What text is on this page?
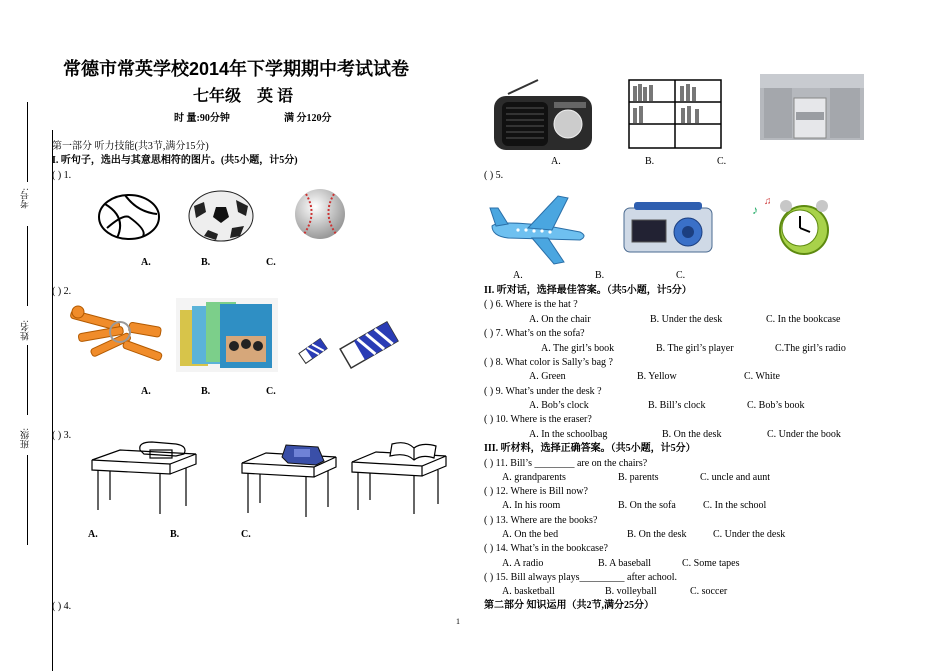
考号:
姓名:
班级:
常德市常英学校2014年下学期期中考试试卷
七年级　英 语
时 量:90分钟	满 分120分
第一部分 听力技能(共3节,满分15分)
I. 听句子，选出与其意思相符的图片。(共5小题，计5分)
( ) 1.
A.	B.	C.
( ) 2.
A.	B.	C.
( ) 3.
A.	B.	C.
( ) 4.
A.	B.	C.
( ) 5.
♪
♫
A.	B.	C.
II. 听对话，选择最佳答案。（共5小题，计5分）
( ) 6. Where is the hat ?
A. On the chair	B. Under the desk	C. In the bookcase
( ) 7. What’s on the sofa?
A. The girl’s book	B. The girl’s player	C.The girl’s radio
( ) 8. What color is Sally’s bag ?
A. Green	B. Yellow	C. White
( ) 9. What’s under the desk ?
A. Bob’s clock	B. Bill’s clock	C. Bob’s book
( ) 10. Where is the eraser?
A. In the schoolbag	B. On the desk	C. Under the book
III. 听材料，选择正确答案。（共5小题，计5分）
( ) 11. Bill’s ________ are on the chairs?
A. grandparents	B. parents	C. uncle and aunt
( ) 12. Where is Bill now?
A. In his room	B. On the sofa	C. In the school
( ) 13. Where are the books?
A. On the bed	B. On the desk	C. Under the desk
( ) 14. What’s in the bookcase?
A. A radio	B. A baseball	C. Some tapes
( ) 15. Bill always plays_________ after achool.
A. basketball	B. volleyball	C. soccer
第二部分 知识运用（共2节,满分25分）
1
